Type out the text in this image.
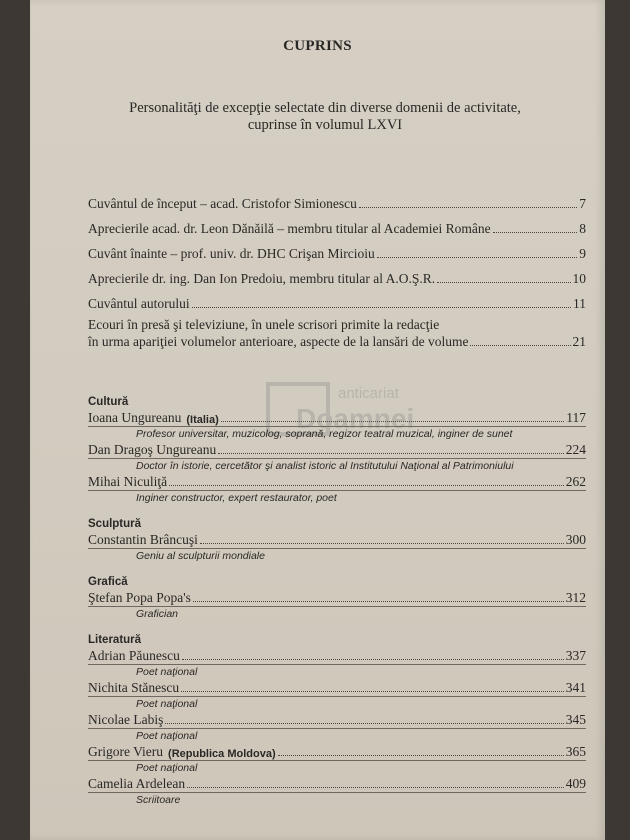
CUPRINS
Personalităţi de excepţie selectate din diverse domenii de activitate,
cuprinse în volumul LXVI
Cuvântul de început – acad. Cristofor Simionescu	7
Aprecierile acad. dr. Leon Dănăilă – membru titular al Academiei Române	8
Cuvânt înainte – prof. univ. dr. DHC Crişan Mircioiu	9
Aprecierile dr. ing. Dan Ion Predoiu, membru titular al A.O.Ş.R.	10
Cuvântul autorului	11
Ecouri în presă şi televiziune, în unele scrisori primite la redacţie
în urma apariţiei volumelor anterioare, aspecte de la lansări de volume	21
anticariat
Doamnei
Cultură
Ioana Ungureanu (Italia)	117
Profesor universitar, muzicolog, soprană, regizor teatral muzical, inginer de sunet
Dan Dragoş Ungureanu	224
Doctor în istorie, cercetător şi analist istoric al Institutului Naţional al Patrimoniului
Mihai Niculiţă	262
Inginer constructor, expert restaurator, poet
Sculptură
Constantin Brâncuşi	300
Geniu al sculpturii mondiale
Grafică
Ştefan Popa Popa's	312
Grafician
Literatură
Adrian Păunescu	337
Poet naţional
Nichita Stănescu	341
Poet naţional
Nicolae Labiş	345
Poet naţional
Grigore Vieru (Republica Moldova)	365
Poet naţional
Camelia Ardelean	409
Scriitoare
